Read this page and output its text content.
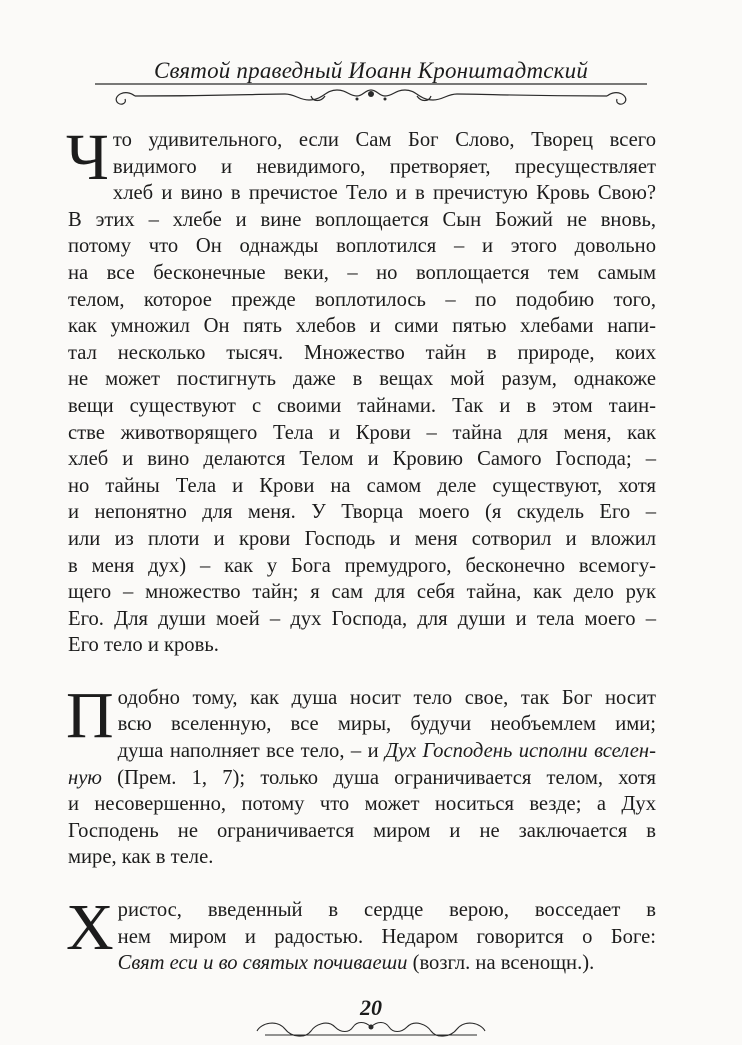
Святой праведный Иоанн Кронштадтский
Ч то удивительного, если Сам Бог Слово, Творец всего
видимого и невидимого, претворяет, пресуществляет
хлеб и вино в пречистое Тело и в пречистую Кровь Свою?
В этих – хлебе и вине воплощается Сын Божий не вновь,
потому что Он однажды воплотился – и этого довольно
на все бесконечные веки, – но воплощается тем самым
телом, которое прежде воплотилось – по подобию того,
как умножил Он пять хлебов и сими пятью хлебами напи-
тал несколько тысяч. Множество тайн в природе, коих
не может постигнуть даже в вещах мой разум, однакоже
вещи существуют с своими тайнами. Так и в этом таин-
стве животворящего Тела и Крови – тайна для меня, как
хлеб и вино делаются Телом и Кровию Самого Господа; –
но тайны Тела и Крови на самом деле существуют, хотя
и непонятно для меня. У Творца моего (я скудель Его –
или из плоти и крови Господь и меня сотворил и вложил
в меня дух) – как у Бога премудрого, бесконечно всемогу-
щего – множество тайн; я сам для себя тайна, как дело рук
Его. Для души моей – дух Господа, для души и тела моего –
Его тело и кровь.
П одобно тому, как душа носит тело свое, так Бог носит
всю вселенную, все миры, будучи необъемлем ими;
душа наполняет все тело, – и Дух Господень исполни вселен-
ную (Прем. 1, 7); только душа ограничивается телом, хотя
и несовершенно, потому что может носиться везде; а Дух
Господень не ограничивается миром и не заключается в
мире, как в теле.
Х ристос, введенный в сердце верою, восседает в
нем миром и радостью. Недаром говорится о Боге:
Свят еси и во святых почиваеши (возгл. на всенощн.).
20
